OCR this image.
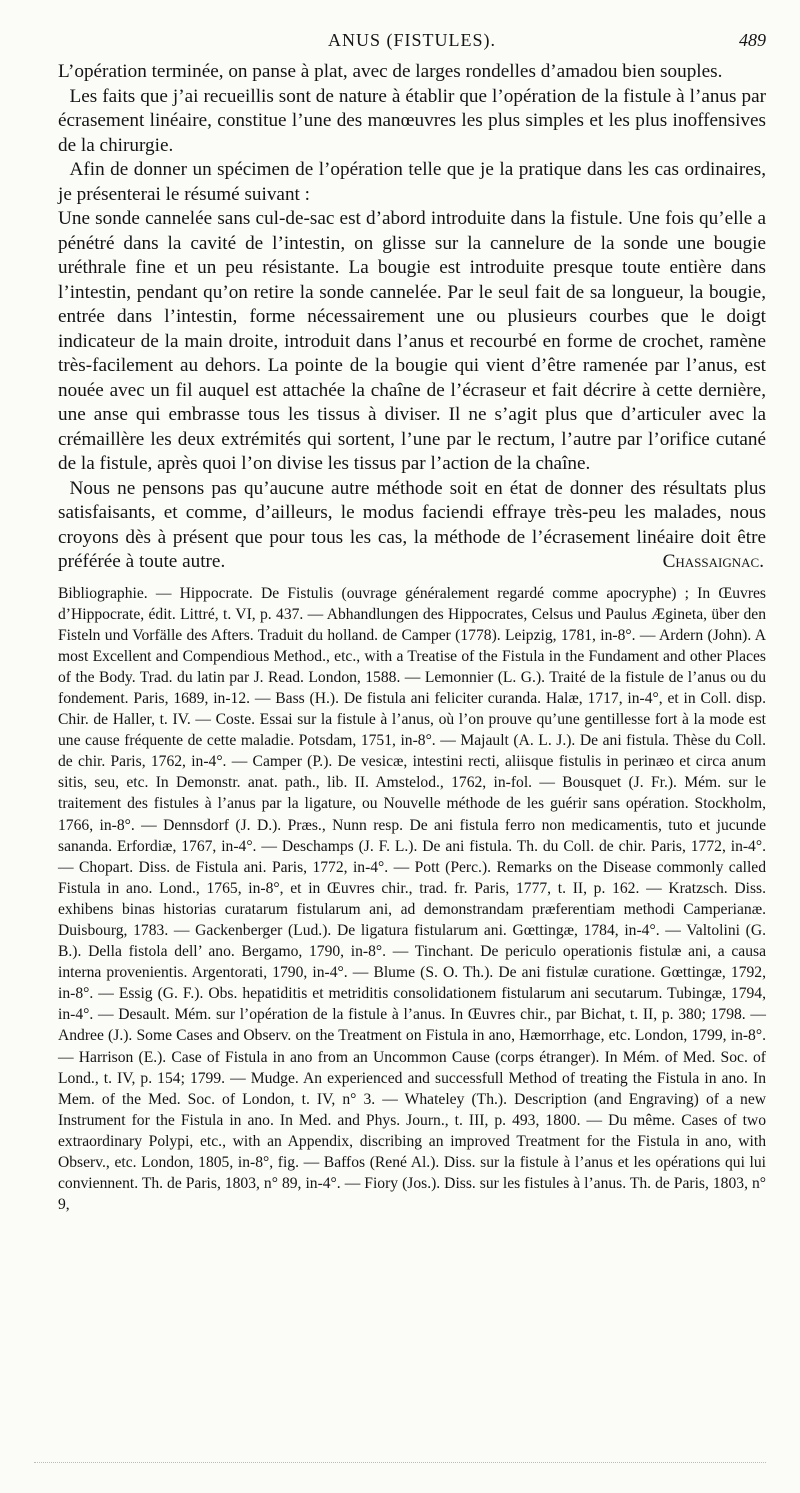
ANUS (FISTULES).	489

L’opération terminée, on panse à plat, avec de larges rondelles d’amadou bien souples.

Les faits que j’ai recueillis sont de nature à établir que l’opération de la fistule à l’anus par écrasement linéaire, constitue l’une des manœuvres les plus simples et les plus inoffensives de la chirurgie.

Afin de donner un spécimen de l’opération telle que je la pratique dans les cas ordinaires, je présenterai le résumé suivant :

Une sonde cannelée sans cul-de-sac est d’abord introduite dans la fistule. Une fois qu’elle a pénétré dans la cavité de l’intestin, on glisse sur la cannelure de la sonde une bougie uréthrale fine et un peu résistante. La bougie est introduite presque toute entière dans l’intestin, pendant qu’on retire la sonde cannelée. Par le seul fait de sa longueur, la bougie, entrée dans l’intestin, forme nécessairement une ou plusieurs courbes que le doigt indicateur de la main droite, introduit dans l’anus et recourbé en forme de crochet, ramène très-facilement au dehors. La pointe de la bougie qui vient d’être ramenée par l’anus, est nouée avec un fil auquel est attachée la chaîne de l’écraseur et fait décrire à cette dernière, une anse qui embrasse tous les tissus à diviser. Il ne s’agit plus que d’articuler avec la crémaillère les deux extrémités qui sortent, l’une par le rectum, l’autre par l’orifice cutané de la fistule, après quoi l’on divise les tissus par l’action de la chaîne.

Nous ne pensons pas qu’aucune autre méthode soit en état de donner des résultats plus satisfaisants, et comme, d’ailleurs, le modus faciendi effraye très-peu les malades, nous croyons dès à présent que pour tous les cas, la méthode de l’écrasement linéaire doit être préférée à toute autre.	Chassaignac.

Bibliographie. — Hippocrate. De Fistulis (ouvrage généralement regardé comme apocryphe) ; In Œuvres d’Hippocrate, édit. Littré, t. VI, p. 437. — Abhandlungen des Hippocrates, Celsus und Paulus Ægineta, über den Fisteln und Vorfälle des Afters. Traduit du holland. de Camper (1778). Leipzig, 1781, in-8°. — Ardern (John). A most Excellent and Compendious Method., etc., with a Treatise of the Fistula in the Fundament and other Places of the Body. Trad. du latin par J. Read. London, 1588. — Lemonnier (L. G.). Traité de la fistule de l’anus ou du fondement. Paris, 1689, in-12. — Bass (H.). De fistula ani feliciter curanda. Halæ, 1717, in-4°, et in Coll. disp. Chir. de Haller, t. IV. — Coste. Essai sur la fistule à l’anus, où l’on prouve qu’une gentillesse fort à la mode est une cause fréquente de cette maladie. Potsdam, 1751, in-8°. — Majault (A. L. J.). De ani fistula. Thèse du Coll. de chir. Paris, 1762, in-4°. — Camper (P.). De vesicæ, intestini recti, aliisque fistulis in perinæo et circa anum sitis, seu, etc. In Demonstr. anat. path., lib. II. Amstelod., 1762, in-fol. — Bousquet (J. Fr.). Mém. sur le traitement des fistules à l’anus par la ligature, ou Nouvelle méthode de les guérir sans opération. Stockholm, 1766, in-8°. — Dennsdorf (J. D.). Præs., Nunn resp. De ani fistula ferro non medicamentis, tuto et jucunde sananda. Erfordiæ, 1767, in-4°. — Deschamps (J. F. L.). De ani fistula. Th. du Coll. de chir. Paris, 1772, in-4°. — Chopart. Diss. de Fistula ani. Paris, 1772, in-4°. — Pott (Perc.). Remarks on the Disease commonly called Fistula in ano. Lond., 1765, in-8°, et in Œuvres chir., trad. fr. Paris, 1777, t. II, p. 162. — Kratzsch. Diss. exhibens binas historias curatarum fistularum ani, ad demonstrandam præferentiam methodi Camperianæ. Duisbourg, 1783. — Gackenberger (Lud.). De ligatura fistularum ani. Gœttingæ, 1784, in-4°. — Valtolini (G. B.). Della fistola dell’ ano. Bergamo, 1790, in-8°. — Tinchant. De periculo operationis fistulæ ani, a causa interna provenientis. Argentorati, 1790, in-4°. — Blume (S. O. Th.). De ani fistulæ curatione. Gœttingæ, 1792, in-8°. — Essig (G. F.). Obs. hepatiditis et metriditis consolidationem fistularum ani secutarum. Tubingæ, 1794, in-4°. — Desault. Mém. sur l’opération de la fistule à l’anus. In Œuvres chir., par Bichat, t. II, p. 380; 1798. — Andree (J.). Some Cases and Observ. on the Treatment on Fistula in ano, Hæmorrhage, etc. London, 1799, in-8°. — Harrison (E.). Case of Fistula in ano from an Uncommon Cause (corps étranger). In Mém. of Med. Soc. of Lond., t. IV, p. 154; 1799. — Mudge. An experienced and successfull Method of treating the Fistula in ano. In Mem. of the Med. Soc. of London, t. IV, n° 3. — Whateley (Th.). Description (and Engraving) of a new Instrument for the Fistula in ano. In Med. and Phys. Journ., t. III, p. 493, 1800. — Du même. Cases of two extraordinary Polypi, etc., with an Appendix, discribing an improved Treatment for the Fistula in ano, with Observ., etc. London, 1805, in-8°, fig. — Baffos (René Al.). Diss. sur la fistule à l’anus et les opérations qui lui conviennent. Th. de Paris, 1803, n° 89, in-4°. — Fiory (Jos.). Diss. sur les fistules à l’anus. Th. de Paris, 1803, n° 9,
